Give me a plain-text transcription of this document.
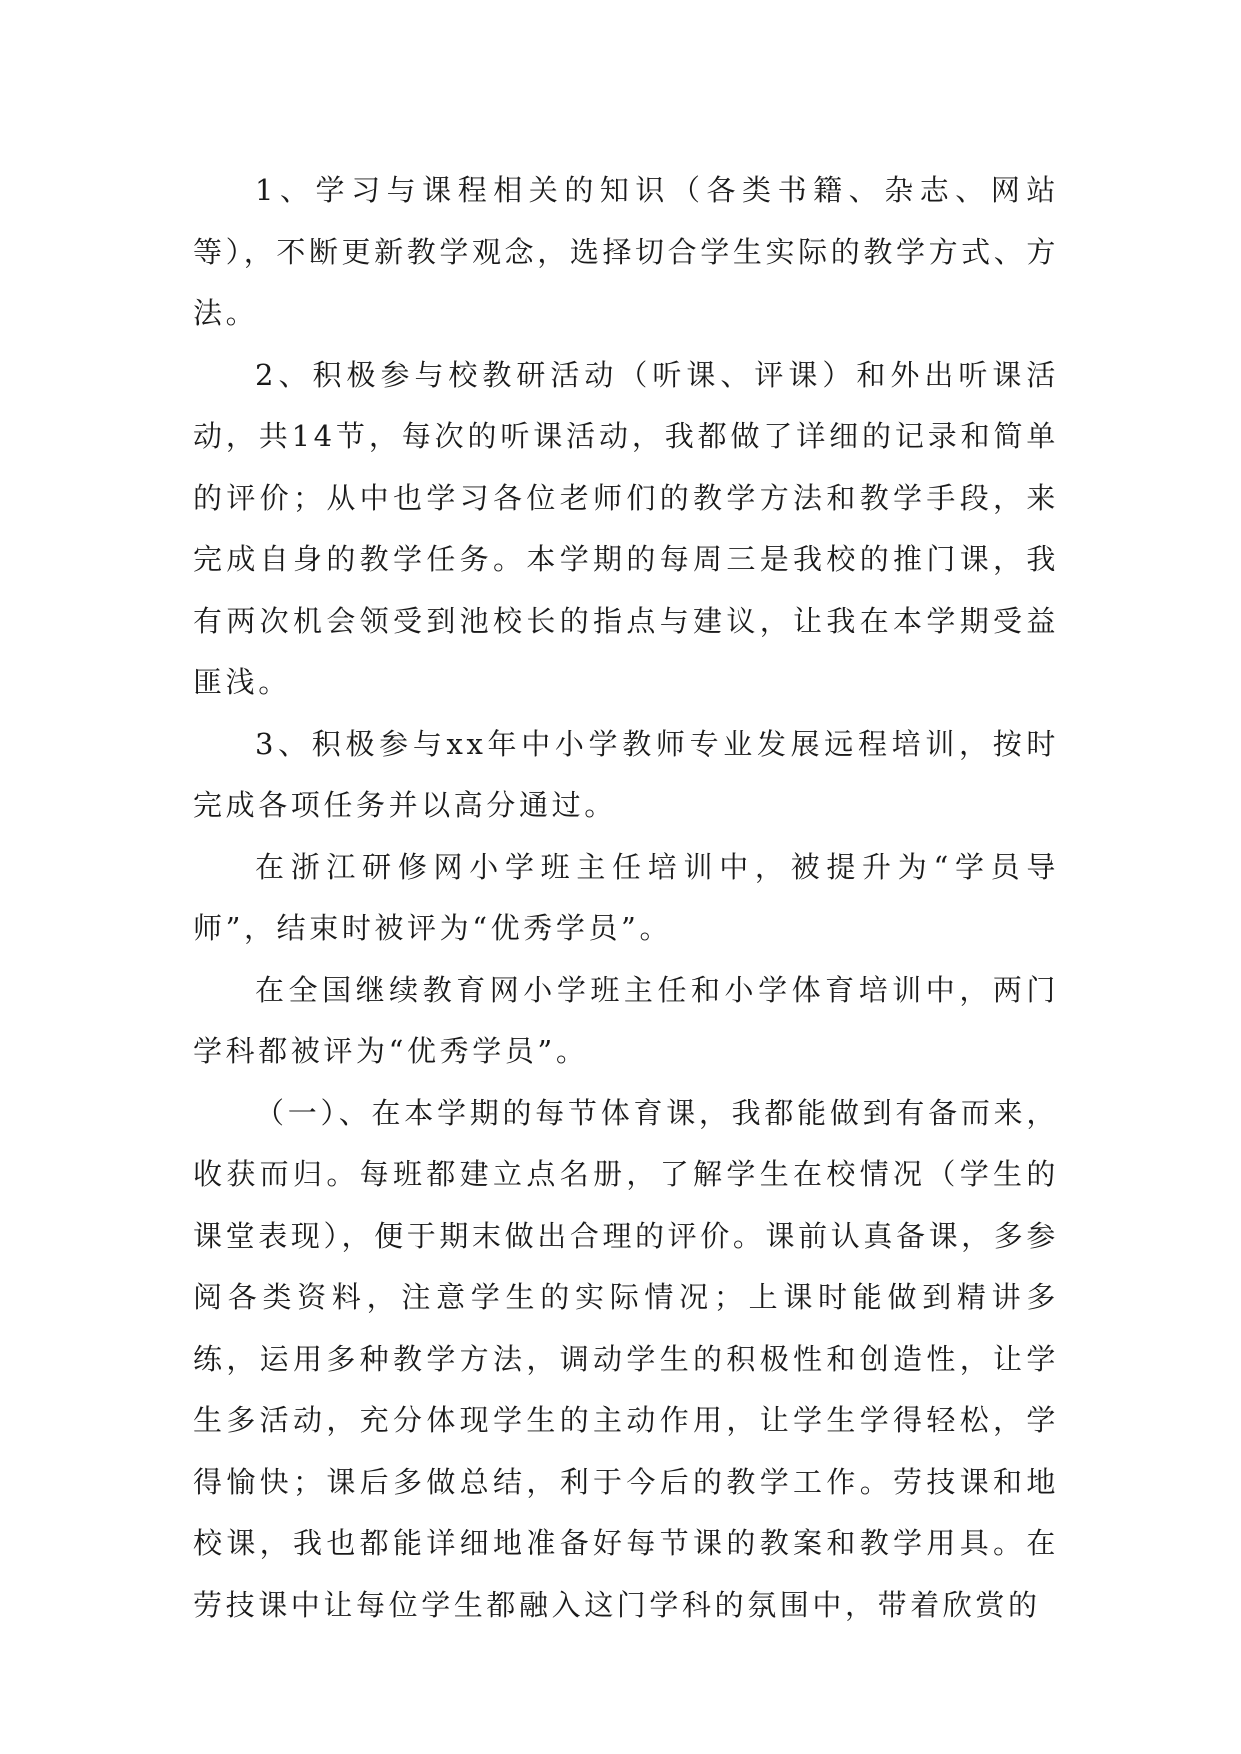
1、学习与课程相关的知识（各类书籍、杂志、网站等），不断更新教学观念，选择切合学生实际的教学方式、方法。

2、积极参与校教研活动（听课、评课）和外出听课活动，共14节，每次的听课活动，我都做了详细的记录和简单的评价；从中也学习各位老师们的教学方法和教学手段，来完成自身的教学任务。本学期的每周三是我校的推门课，我有两次机会领受到池校长的指点与建议，让我在本学期受益匪浅。

3、积极参与xx年中小学教师专业发展远程培训，按时完成各项任务并以高分通过。

在浙江研修网小学班主任培训中，被提升为“学员导师”，结束时被评为“优秀学员”。

在全国继续教育网小学班主任和小学体育培训中，两门学科都被评为“优秀学员”。

（一）、在本学期的每节体育课，我都能做到有备而来，收获而归。每班都建立点名册，了解学生在校情况（学生的课堂表现），便于期末做出合理的评价。课前认真备课，多参阅各类资料，注意学生的实际情况；上课时能做到精讲多练，运用多种教学方法，调动学生的积极性和创造性，让学生多活动，充分体现学生的主动作用，让学生学得轻松，学得愉快；课后多做总结，利于今后的教学工作。劳技课和地校课，我也都能详细地准备好每节课的教案和教学用具。在劳技课中让每位学生都融入这门学科的氛围中，带着欣赏的
